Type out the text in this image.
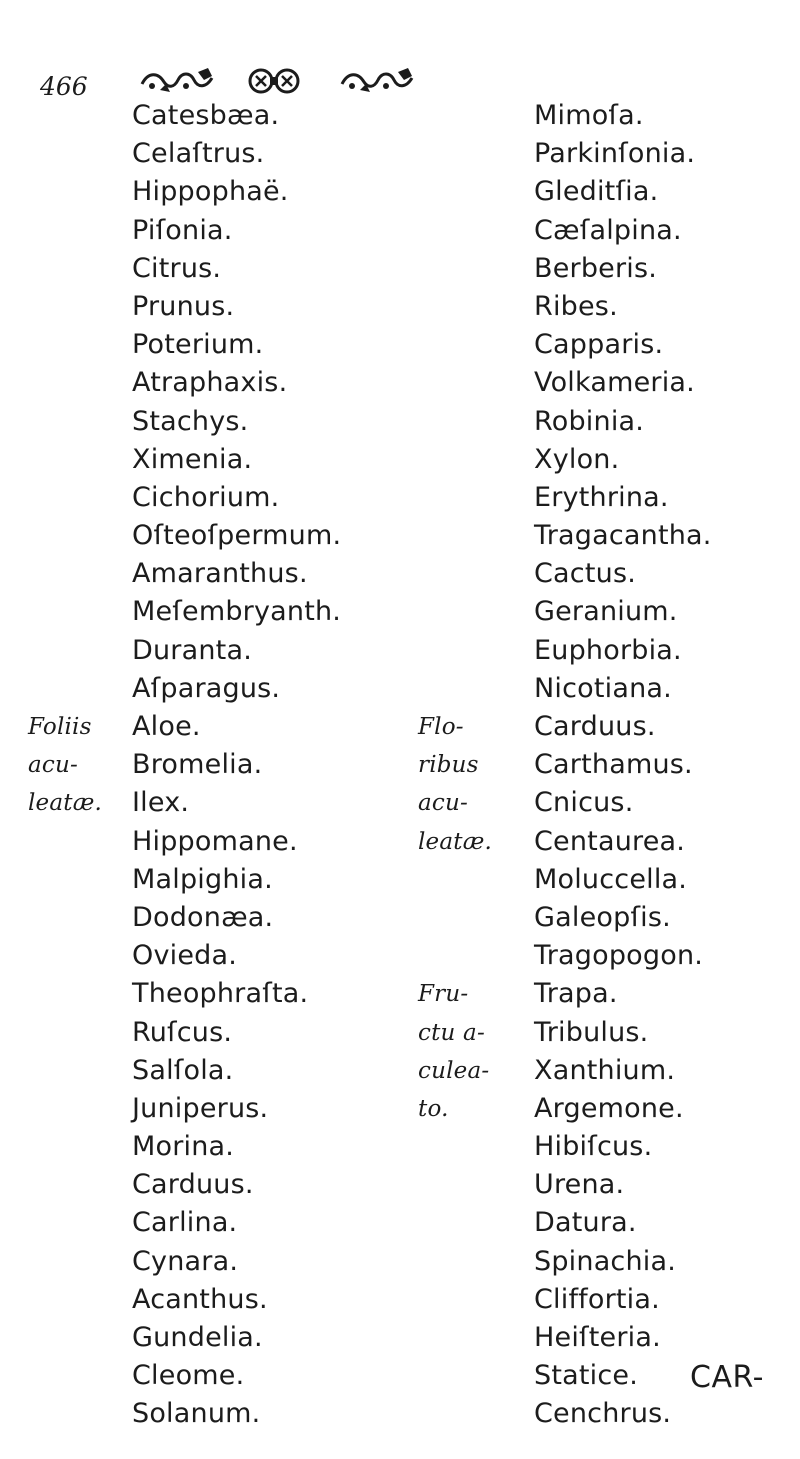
466
Catesbæa.
Celaſtrus.
Hippophaë.
Piſonia.
Citrus.
Prunus.
Poterium.
Atraphaxis.
Stachys.
Ximenia.
Cichorium.
Oſteoſpermum.
Amaranthus.
Meſembryanth.
Duranta.
Aſparagus.
Foliis Aloe.
acu- Bromelia.
leatæ. Ilex.
Hippomane.
Malpighia.
Dodonæa.
Ovieda.
Theophraſta.
Ruſcus.
Salſola.
Juniperus.
Morina.
Carduus.
Carlina.
Cynara.
Acanthus.
Gundelia.
Cleome.
Solanum.
Mimoſa.
Parkinſonia.
Gleditſia.
Cæſalpina.
Berberis.
Ribes.
Capparis.
Volkameria.
Robinia.
Xylon.
Erythrina.
Tragacantha.
Cactus.
Geranium.
Euphorbia.
Nicotiana.
Flo-	Carduus.
ribus Carthamus.
acu- Cnicus.
leatæ. Centaurea.
Moluccella.
Galeopſis.
Tragopogon.
Fru- Trapa.
ctu a- Tribulus.
culea- Xanthium.
to.	Argemone.
Hibiſcus.
Urena.
Datura.
Spinachia.
Cliffortia.
Heiſteria.
Statice.
Cenchrus.
CAR-
